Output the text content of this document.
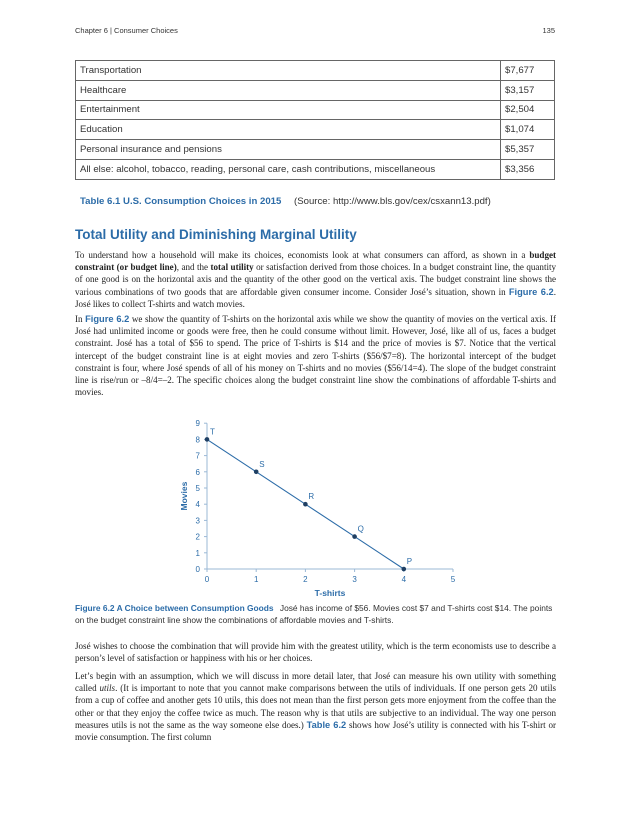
Chapter 6 | Consumer Choices	135
Transportation	$7,677
Healthcare	$3,157
Entertainment	$2,504
Education	$1,074
Personal insurance and pensions	$5,357
All else: alcohol, tobacco, reading, personal care, cash contributions, miscellaneous	$3,356
Table 6.1 U.S. Consumption Choices in 2015 (Source: http://www.bls.gov/cex/csxann13.pdf)
Total Utility and Diminishing Marginal Utility

To understand how a household will make its choices, economists look at what consumers can afford, as shown in a budget constraint (or budget line), and the total utility or satisfaction derived from those choices. In a budget constraint line, the quantity of one good is on the horizontal axis and the quantity of the other good on the vertical axis. The budget constraint line shows the various combinations of two goods that are affordable given consumer income. Consider José’s situation, shown in Figure 6.2. José likes to collect T-shirts and watch movies.

In Figure 6.2 we show the quantity of T-shirts on the horizontal axis while we show the quantity of movies on the vertical axis. If José had unlimited income or goods were free, then he could consume without limit. However, José, like all of us, faces a budget constraint. José has a total of $56 to spend. The price of T-shirts is $14 and the price of movies is $7. Notice that the vertical intercept of the budget constraint line is at eight movies and zero T-shirts ($56/$7=8). The horizontal intercept of the budget constraint is four, where José spends of all of his money on T-shirts and no movies ($56/14=4). The slope of the budget constraint line is rise/run or –8/4=–2. The specific choices along the budget constraint line show the combinations of affordable T-shirts and movies.

0	1	2	3	4	5
0
1
2
3
4
5
6
7
8
9
T-shirts
Movies
T
S
R
Q
P

Figure 6.2 A Choice between Consumption Goods José has income of $56. Movies cost $7 and T-shirts cost $14. The points on the budget constraint line show the combinations of affordable movies and T-shirts.

José wishes to choose the combination that will provide him with the greatest utility, which is the term economists use to describe a person’s level of satisfaction or happiness with his or her choices.

Let’s begin with an assumption, which we will discuss in more detail later, that José can measure his own utility with something called utils. (It is important to note that you cannot make comparisons between the utils of individuals. If one person gets 20 utils from a cup of coffee and another gets 10 utils, this does not mean than the first person gets more enjoyment from the coffee than the other or that they enjoy the coffee twice as much. The reason why is that utils are subjective to an individual. The way one person measures utils is not the same as the way someone else does.) Table 6.2 shows how José’s utility is connected with his T-shirt or movie consumption. The first column
